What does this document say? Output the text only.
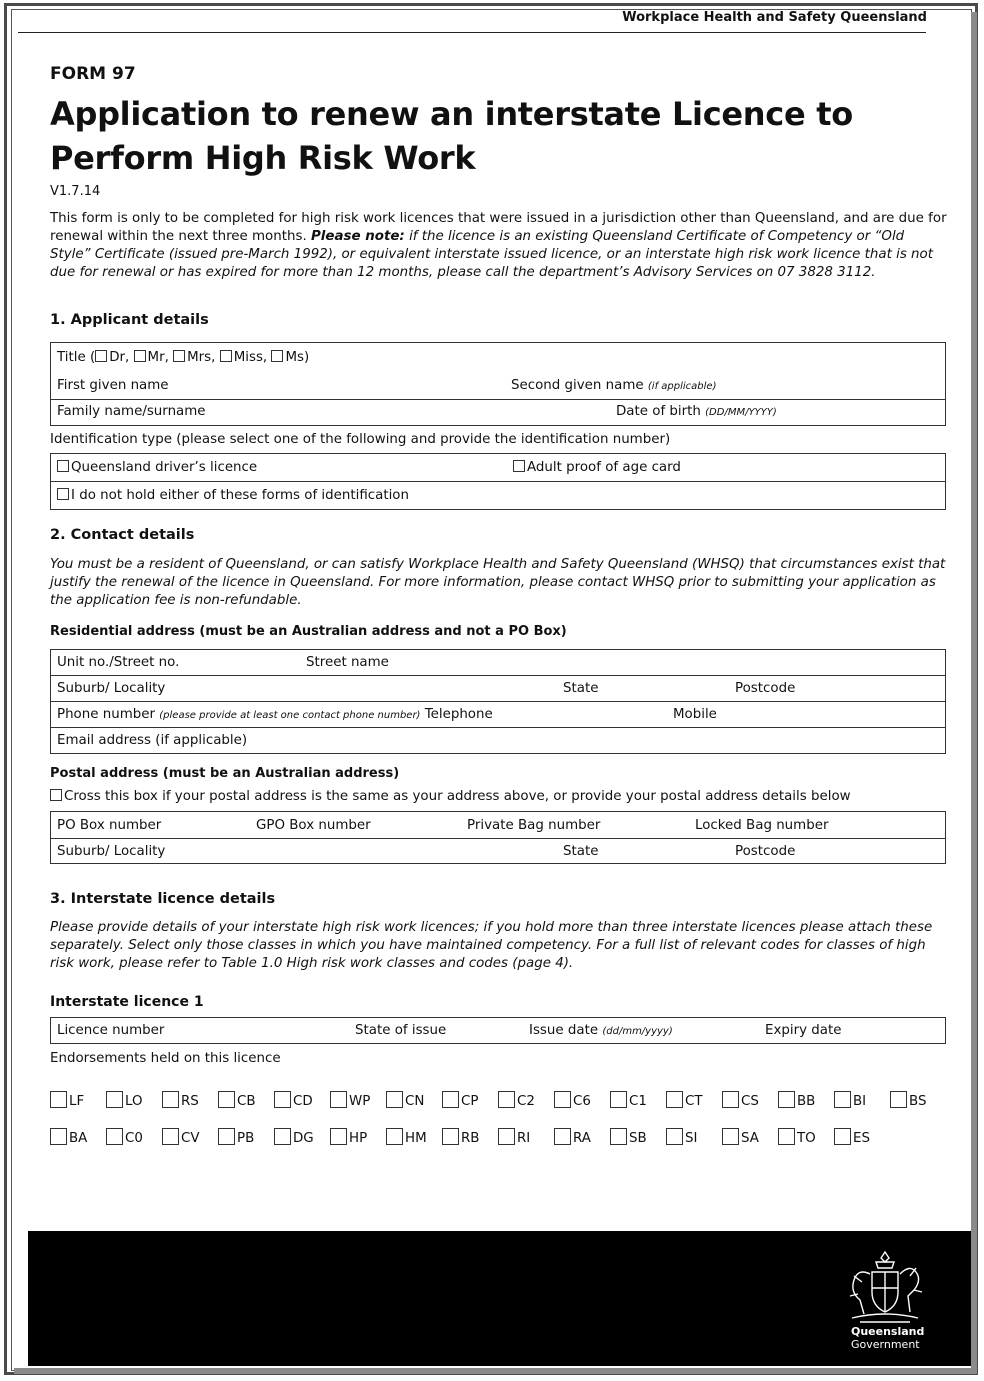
Workplace Health and Safety Queensland
FORM 97
Application to renew an interstate Licence to Perform High Risk Work
V1.7.14
This form is only to be completed for high risk work licences that were issued in a jurisdiction other than Queensland, and are due for renewal within the next three months. Please note: if the licence is an existing Queensland Certificate of Competency or “Old Style” Certificate (issued pre-March 1992), or equivalent interstate issued licence, or an interstate high risk work licence that is not due for renewal or has expired for more than 12 months, please call the department’s Advisory Services on 07 3828 3112.
1. Applicant details
Title ( Dr, Mr, Mrs, Miss, Ms)
First given name	Second given name (if applicable)
Family name/surname	Date of birth (DD/MM/YYYY)
Identification type (please select one of the following and provide the identification number)
Queensland driver’s licence	Adult proof of age card
I do not hold either of these forms of identification
2. Contact details
You must be a resident of Queensland, or can satisfy Workplace Health and Safety Queensland (WHSQ) that circumstances exist that justify the renewal of the licence in Queensland. For more information, please contact WHSQ prior to submitting your application as the application fee is non-refundable.
Residential address (must be an Australian address and not a PO Box)
Unit no./Street no.	Street name
Suburb/ Locality	State	Postcode
Phone number (please provide at least one contact phone number) Telephone	Mobile
Email address (if applicable)
Postal address (must be an Australian address)
Cross this box if your postal address is the same as your address above, or provide your postal address details below
PO Box number	GPO Box number	Private Bag number	Locked Bag number
Suburb/ Locality	State	Postcode
3. Interstate licence details
Please provide details of your interstate high risk work licences; if you hold more than three interstate licences please attach these separately. Select only those classes in which you have maintained competency. For a full list of relevant codes for classes of high risk work, please refer to Table 1.0 High risk work classes and codes (page 4).
Interstate licence 1
Licence number	State of issue	Issue date (dd/mm/yyyy)	Expiry date
Endorsements held on this licence
LF	LO	RS	CB	CD	WP	CN	CP	C2	C6	C1	CT	CS	BB	BI	BS
BA	C0	CV	PB	DG	HP	HM	RB	RI	RA	SB	SI	SA	TO	ES
Queensland
Government
